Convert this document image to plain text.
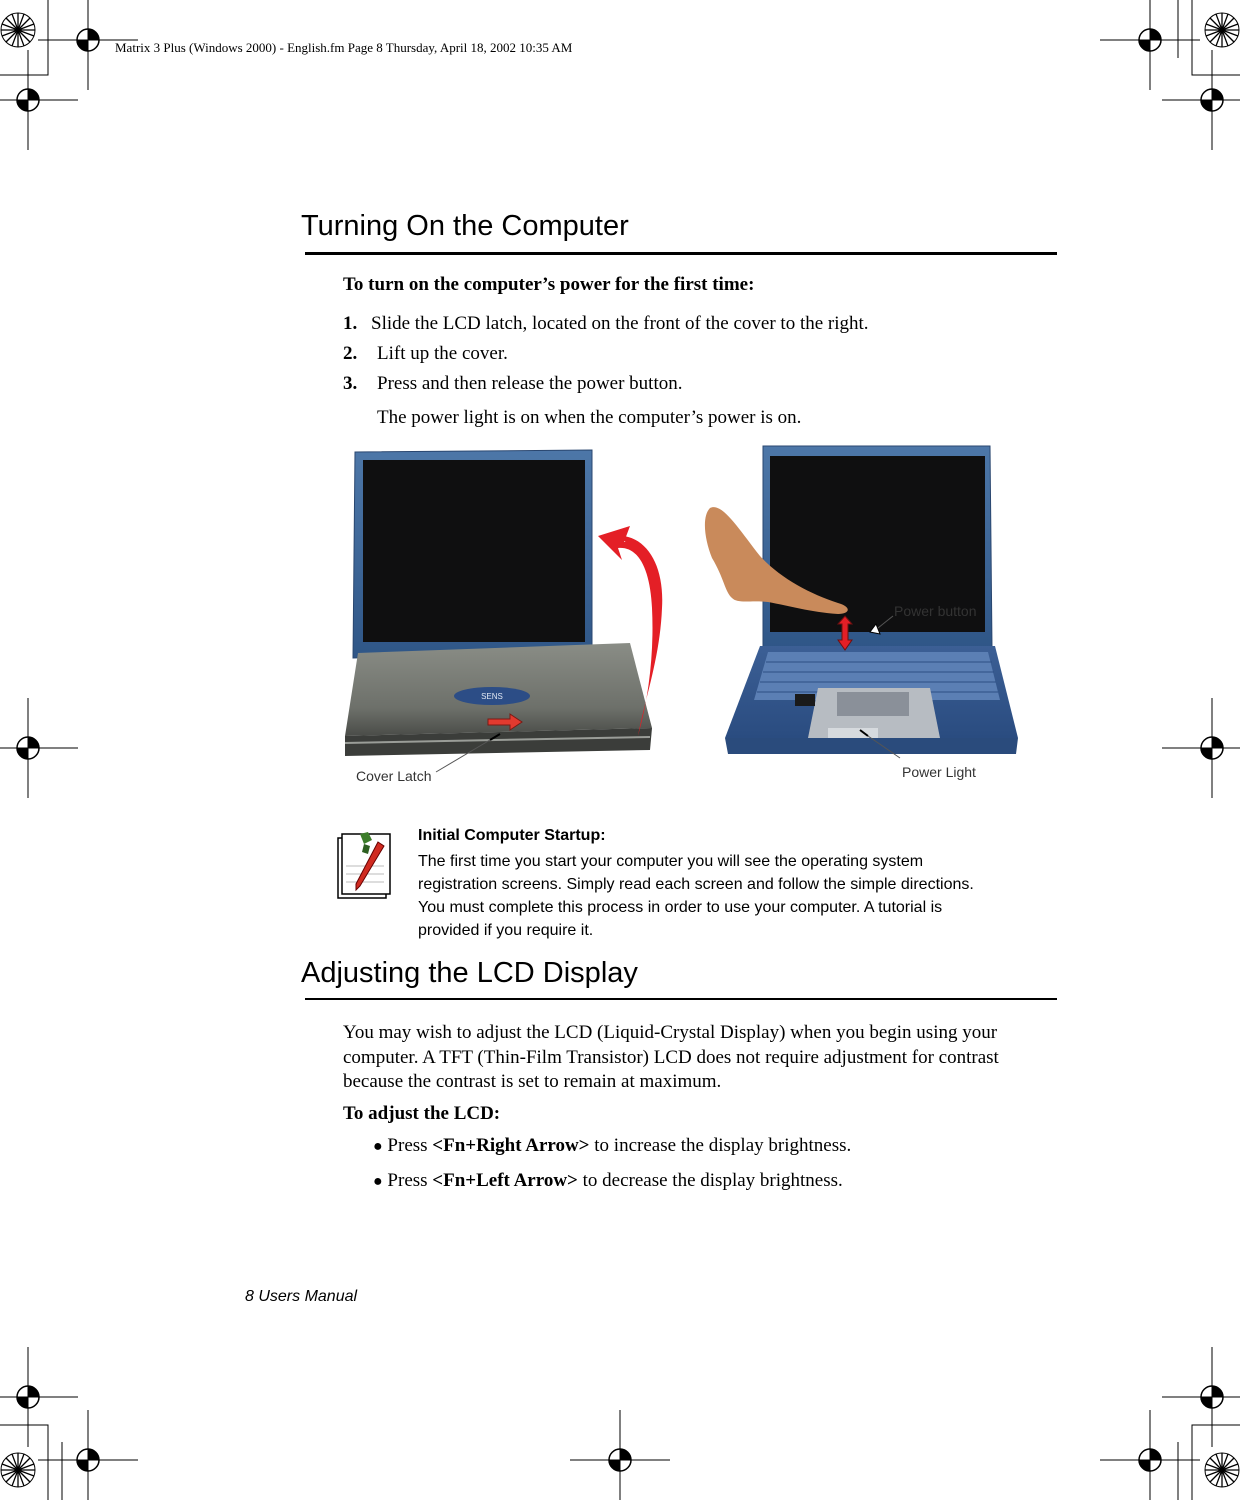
Matrix 3 Plus (Windows 2000) - English.fm Page 8 Thursday, April 18, 2002 10:35 AM
Turning On the Computer
To turn on the computer’s power for the first time:
1. Slide the LCD latch, located on the front of the cover to the right.
2. Lift up the cover.
3. Press and then release the power button.
The power light is on when the computer’s power is on.
SENS
Cover Latch
Power button
Power Light
Initial Computer Startup:
The first time you start your computer you will see the operating system
registration screens. Simply read each screen and follow the simple directions.
You must complete this process in order to use your computer. A tutorial is
provided if you require it.
Adjusting the LCD Display
You may wish to adjust the LCD (Liquid-Crystal Display) when you begin using your
computer. A TFT (Thin-Film Transistor) LCD does not require adjustment for contrast
because the contrast is set to remain at maximum.
To adjust the LCD:
● Press <Fn+Right Arrow> to increase the display brightness.
● Press <Fn+Left Arrow> to decrease the display brightness.
8 Users Manual
